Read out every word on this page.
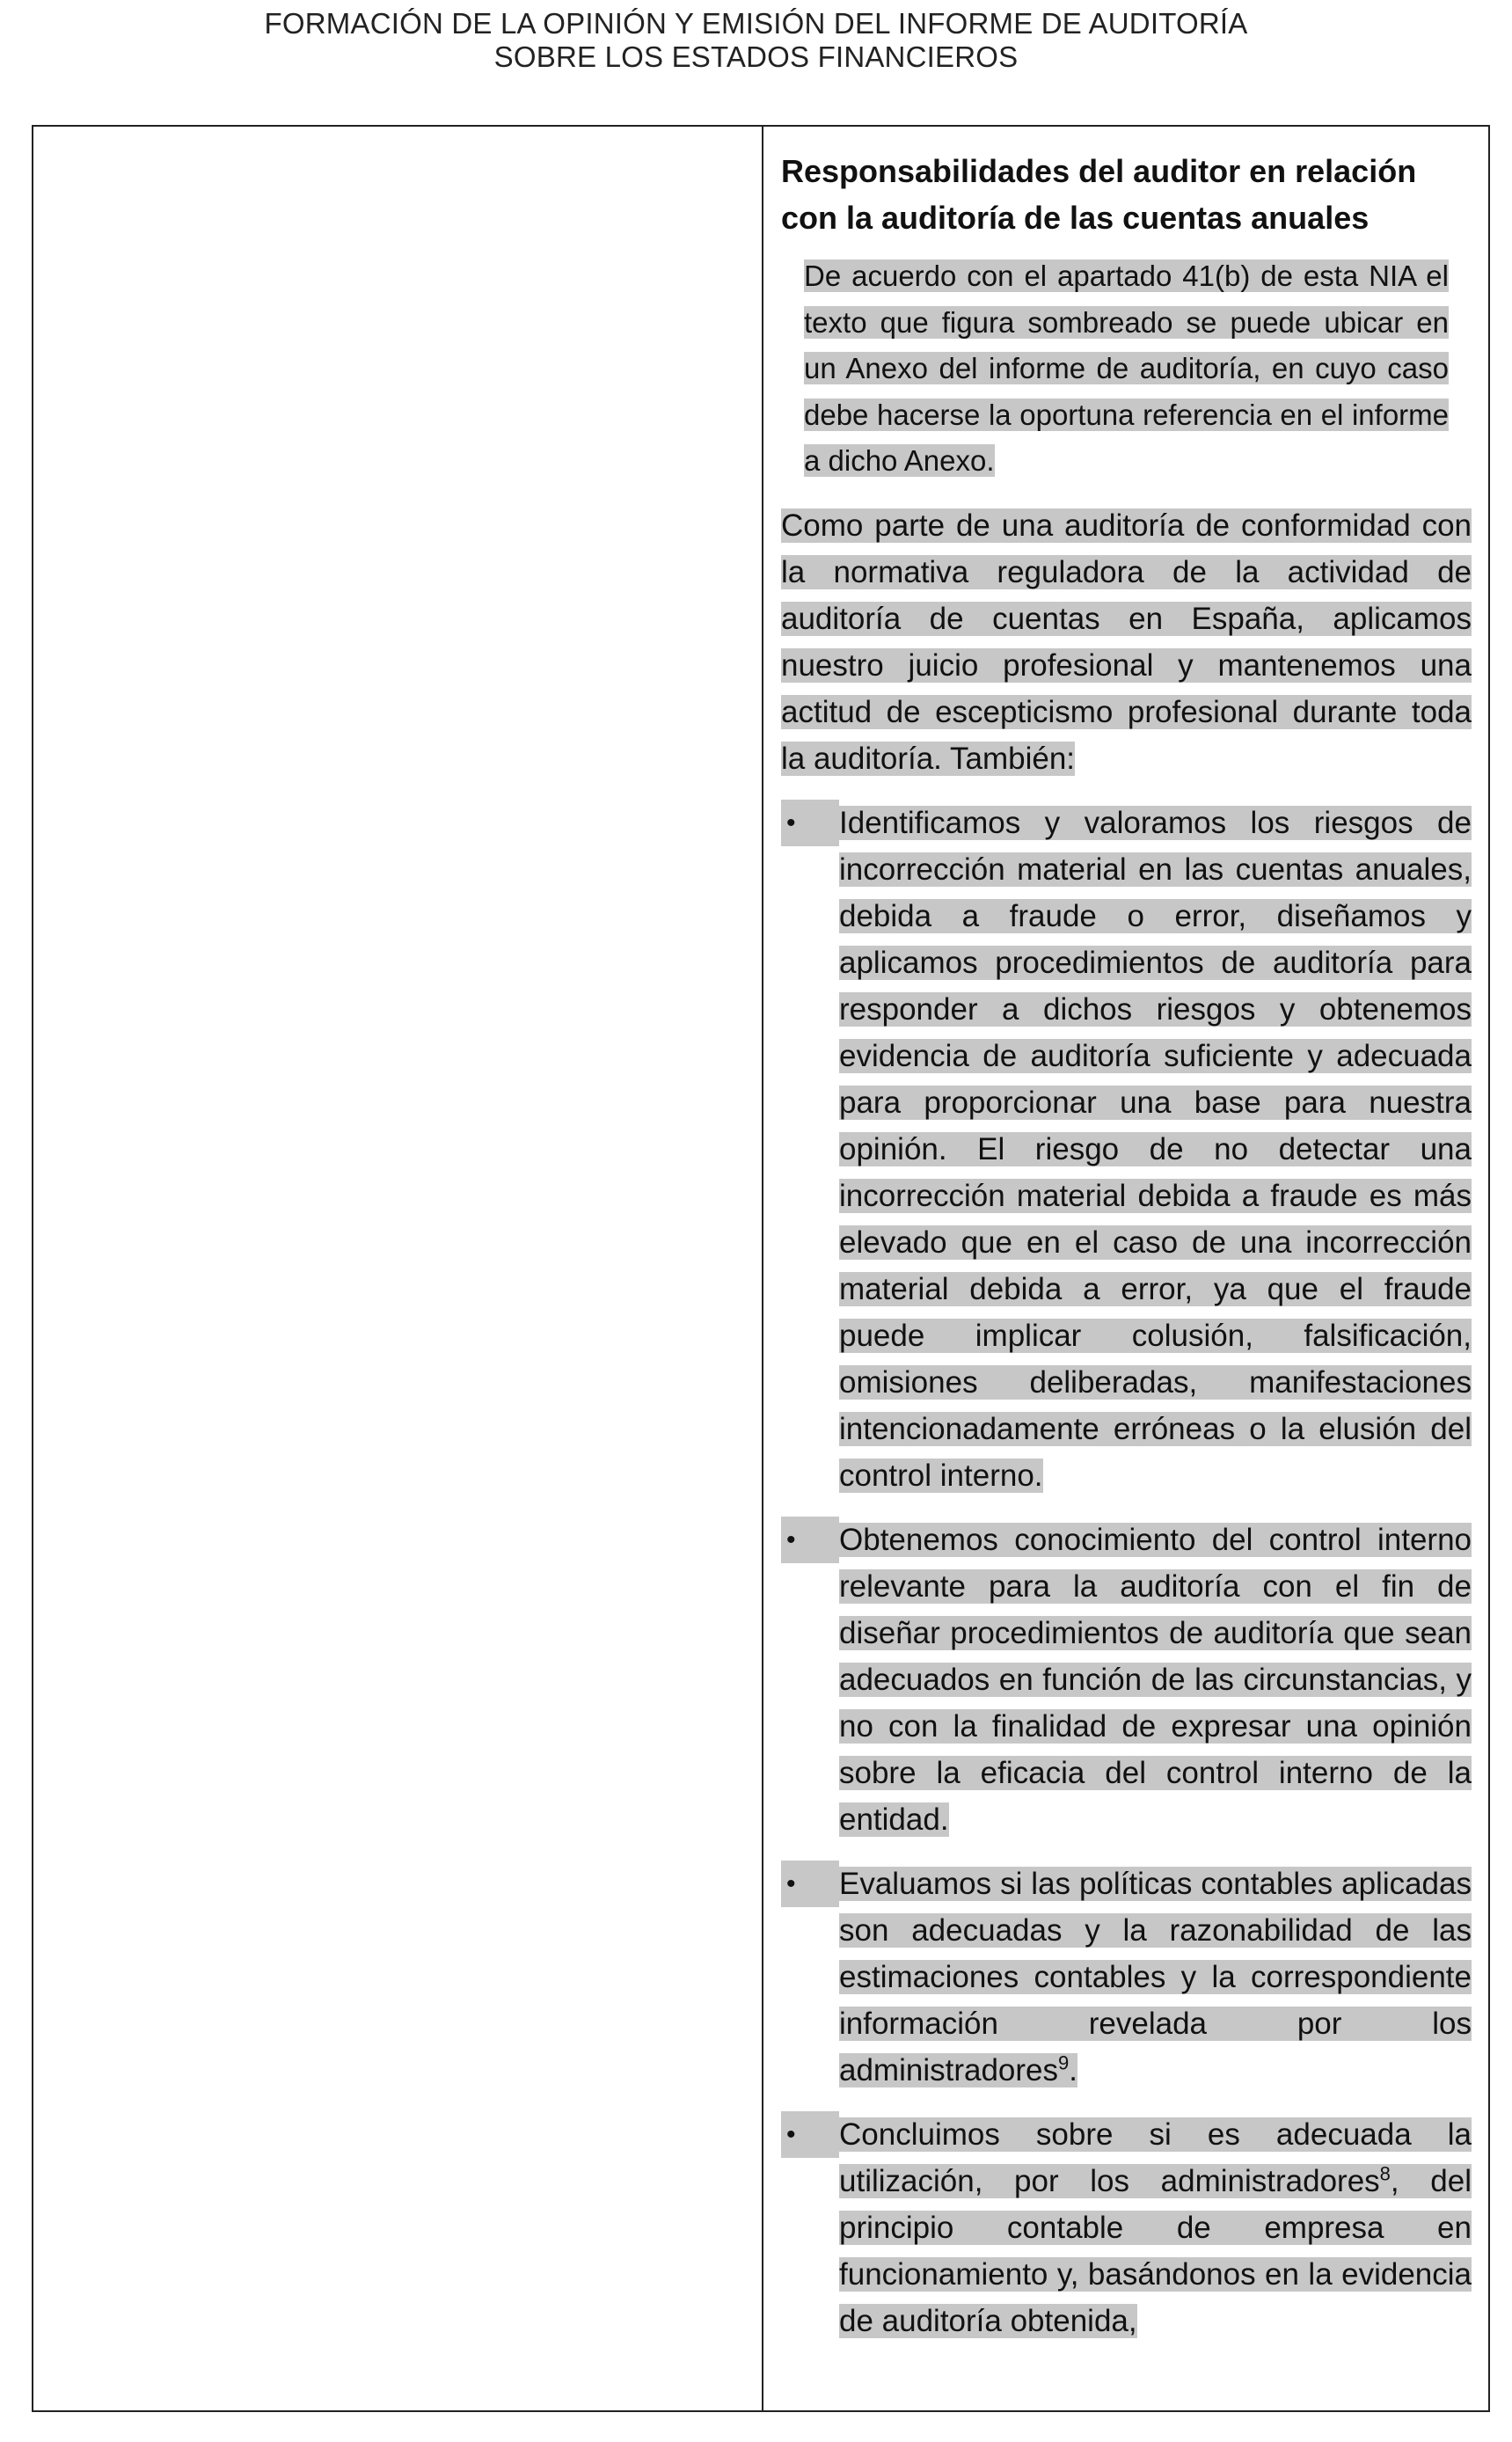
FORMACIÓN DE LA OPINIÓN Y EMISIÓN DEL INFORME DE AUDITORÍA
SOBRE LOS ESTADOS FINANCIEROS
Responsabilidades del auditor en relación con la auditoría de las cuentas anuales
De acuerdo con el apartado 41(b) de esta NIA el texto que figura sombreado se puede ubicar en un Anexo del informe de auditoría, en cuyo caso debe hacerse la oportuna referencia en el informe a dicho Anexo.
Como parte de una auditoría de conformidad con la normativa reguladora de la actividad de auditoría de cuentas en España, aplicamos nuestro juicio profesional y mantenemos una actitud de escepticismo profesional durante toda la auditoría. También:
•	Identificamos y valoramos los riesgos de incorrección material en las cuentas anuales, debida a fraude o error, diseñamos y aplicamos procedimientos de auditoría para responder a dichos riesgos y obtenemos evidencia de auditoría suficiente y adecuada para proporcionar una base para nuestra opinión. El riesgo de no detectar una incorrección material debida a fraude es más elevado que en el caso de una incorrección material debida a error, ya que el fraude puede implicar colusión, falsificación, omisiones deliberadas, manifestaciones intencionadamente erróneas o la elusión del control interno.
•	Obtenemos conocimiento del control interno relevante para la auditoría con el fin de diseñar procedimientos de auditoría que sean adecuados en función de las circunstancias, y no con la finalidad de expresar una opinión sobre la eficacia del control interno de la entidad.
•	Evaluamos si las políticas contables aplicadas son adecuadas y la razonabilidad de las estimaciones contables y la correspondiente información revelada por los administradores$^9$.
•	Concluimos sobre si es adecuada la utilización, por los administradores$^8$, del principio contable de empresa en funcionamiento y, basándonos en la evidencia de auditoría obtenida,
